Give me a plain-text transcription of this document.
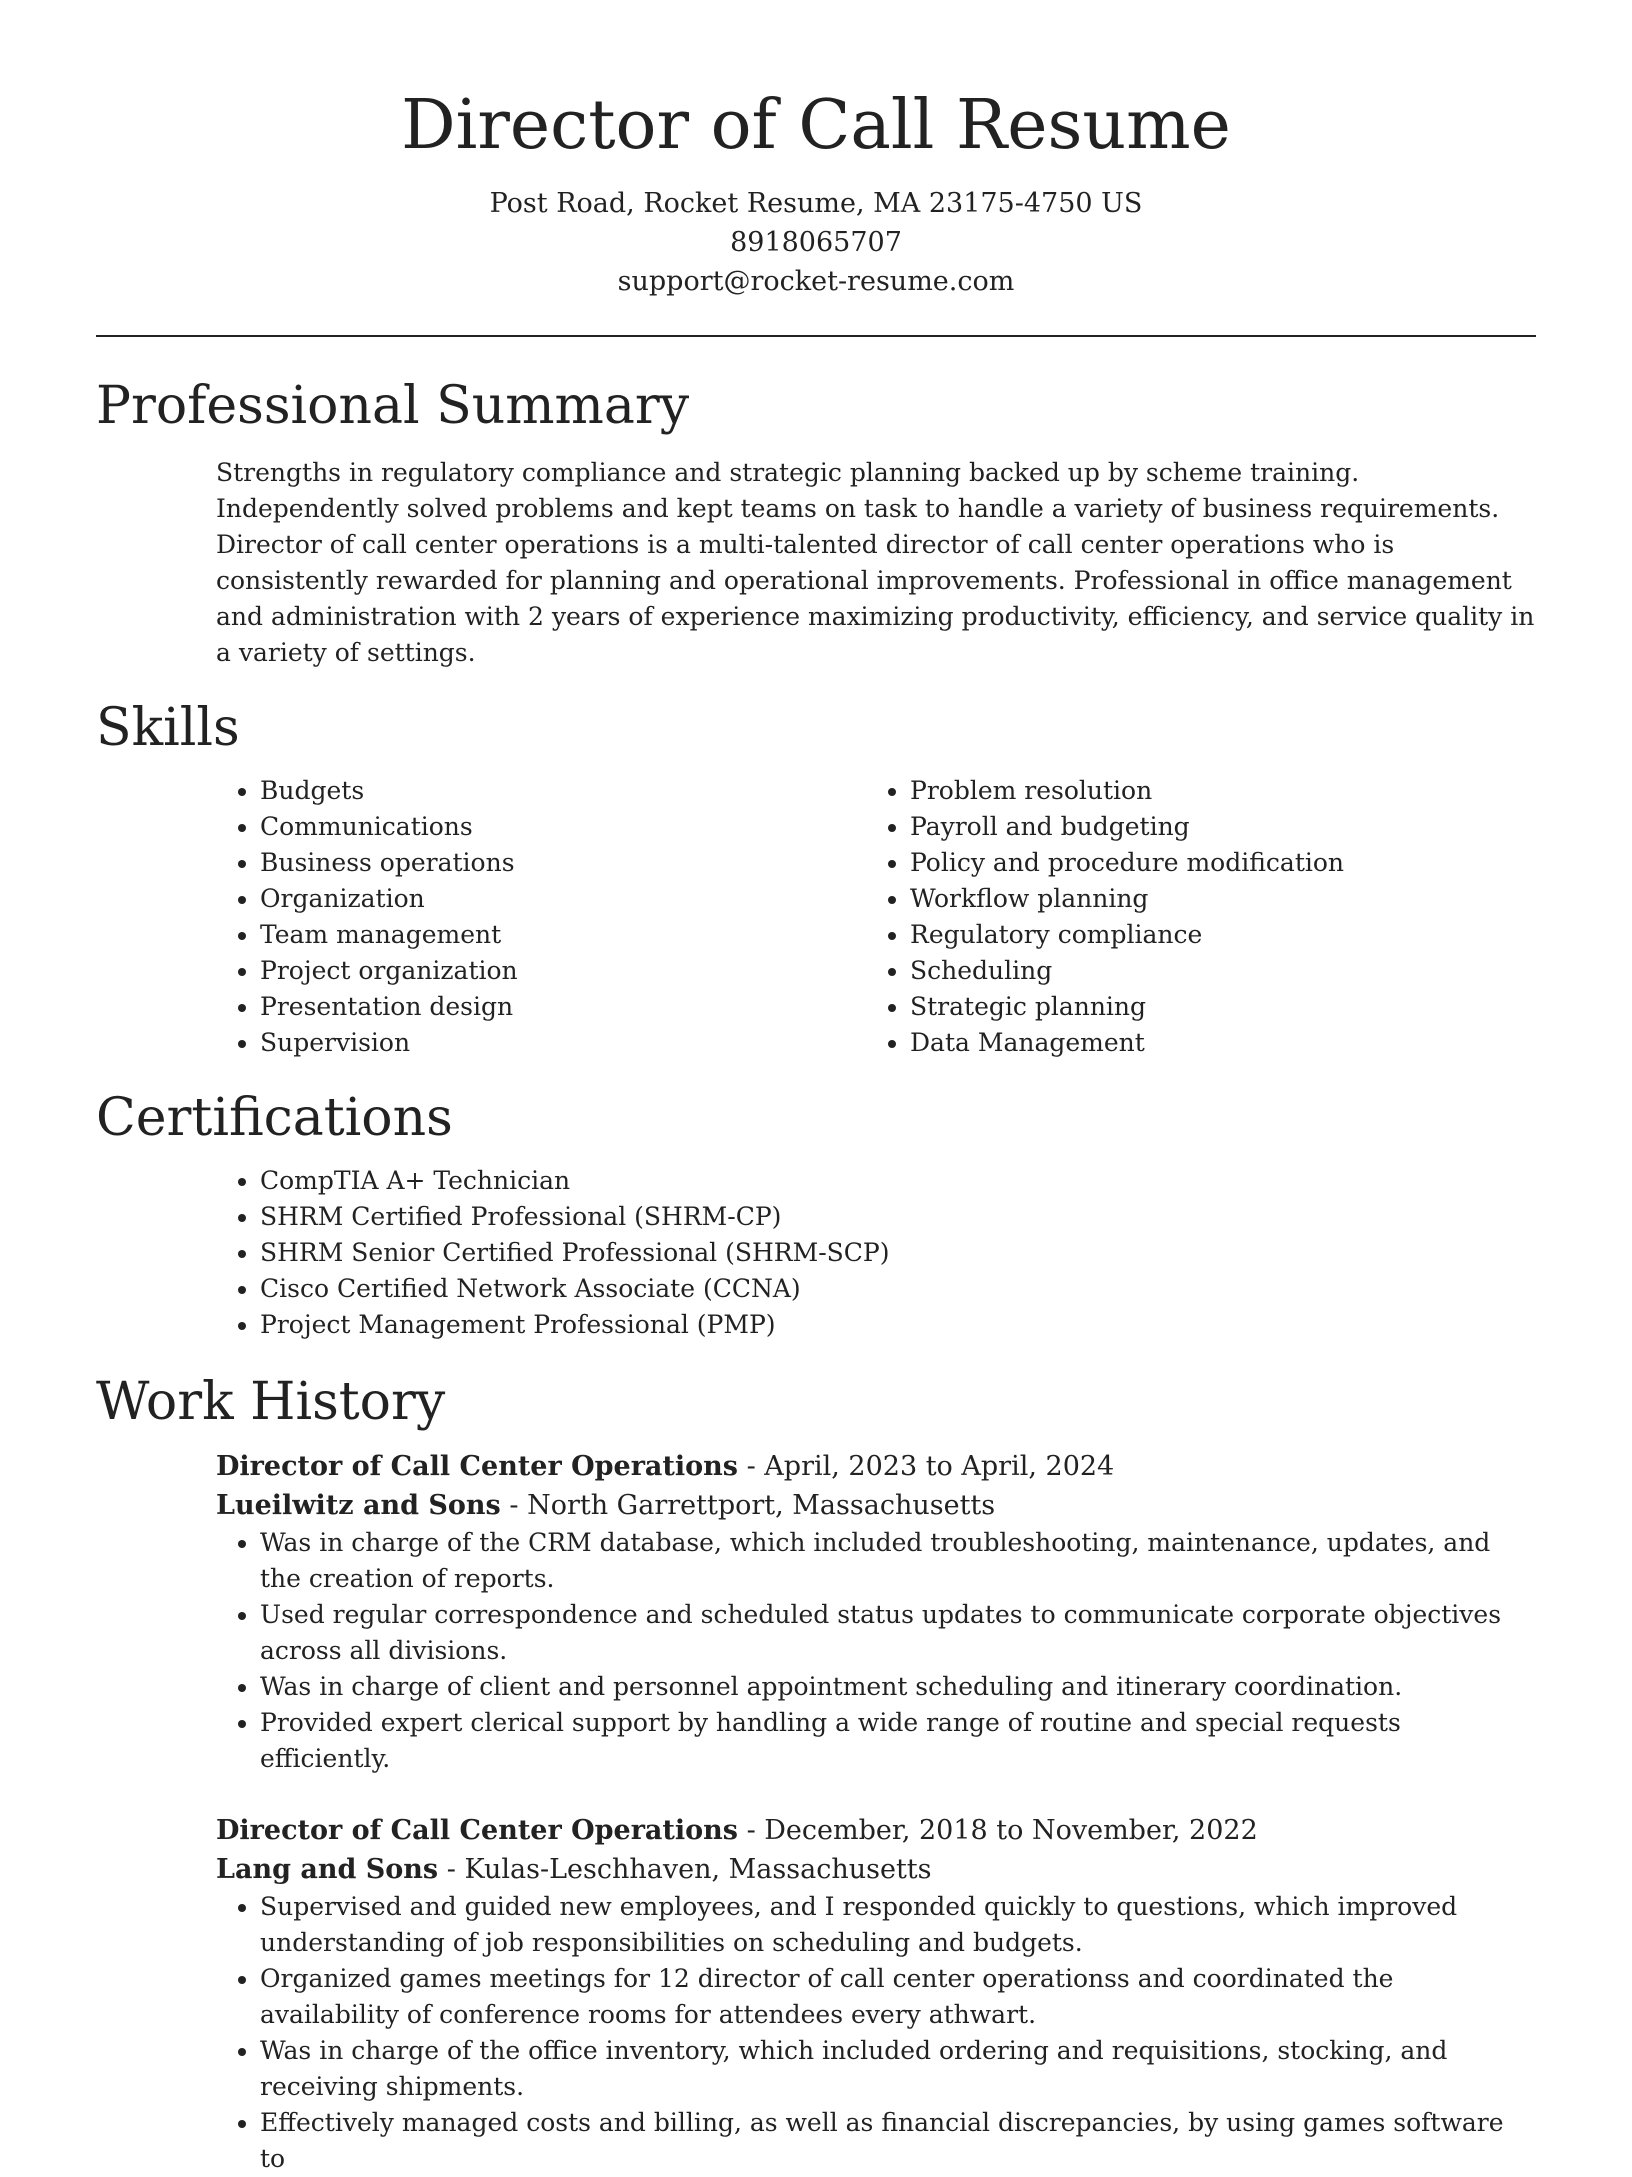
Director of Call Resume
Post Road, Rocket Resume, MA 23175-4750 US
8918065707
support@rocket-resume.com
Professional Summary

Strengths in regulatory compliance and strategic planning backed up by scheme training. Independently solved problems and kept teams on task to handle a variety of business requirements. Director of call center operations is a multi-talented director of call center operations who is consistently rewarded for planning and operational improvements. Professional in office management and administration with 2 years of experience maximizing productivity, efficiency, and service quality in a variety of settings.

Skills
• Budgets
• Communications
• Business operations
• Organization
• Team management
• Project organization
• Presentation design
• Supervision
• Problem resolution
• Payroll and budgeting
• Policy and procedure modification
• Workflow planning
• Regulatory compliance
• Scheduling
• Strategic planning
• Data Management
Certifications
• CompTIA A+ Technician
• SHRM Certified Professional (SHRM-CP)
• SHRM Senior Certified Professional (SHRM-SCP)
• Cisco Certified Network Associate (CCNA)
• Project Management Professional (PMP)
Work History
Director of Call Center Operations - April, 2023 to April, 2024
Lueilwitz and Sons - North Garrettport, Massachusetts
• Was in charge of the CRM database, which included troubleshooting, maintenance, updates, and the creation of reports.
• Used regular correspondence and scheduled status updates to communicate corporate objectives across all divisions.
• Was in charge of client and personnel appointment scheduling and itinerary coordination.
• Provided expert clerical support by handling a wide range of routine and special requests efficiently.
Director of Call Center Operations - December, 2018 to November, 2022
Lang and Sons - Kulas-Leschhaven, Massachusetts
• Supervised and guided new employees, and I responded quickly to questions, which improved understanding of job responsibilities on scheduling and budgets.
• Organized games meetings for 12 director of call center operationss and coordinated the availability of conference rooms for attendees every athwart.
• Was in charge of the office inventory, which included ordering and requisitions, stocking, and receiving shipments.
• Effectively managed costs and billing, as well as financial discrepancies, by using games software to
